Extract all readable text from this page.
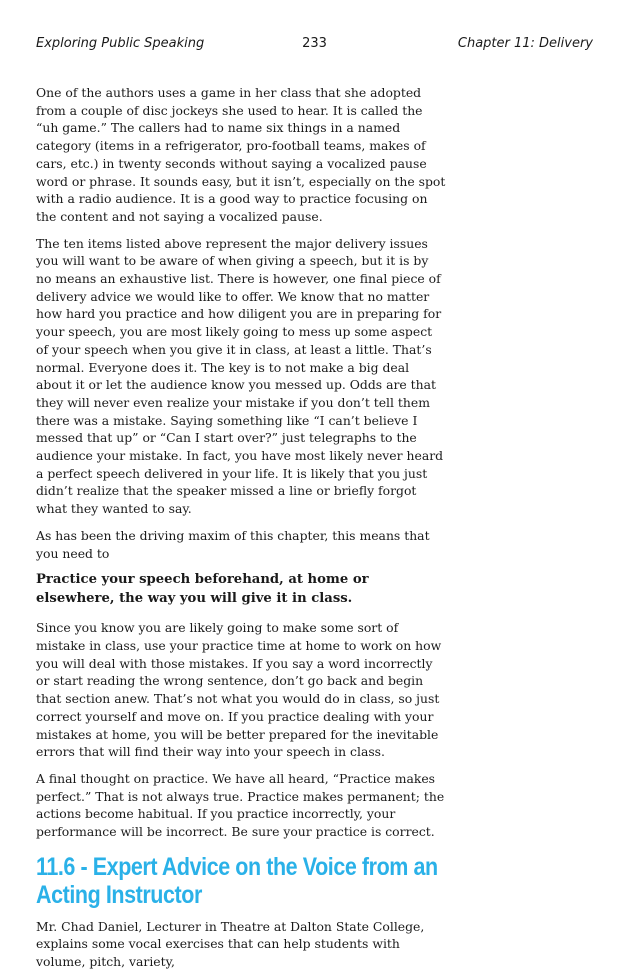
Exploring Public Speaking	233	Chapter 11: Delivery

One of the authors uses a game in her class that she adopted from a couple of disc jockeys she used to hear. It is called the “uh game.” The callers had to name six things in a named category (items in a refrigerator, pro-football teams, makes of cars, etc.) in twenty seconds without saying a vocalized pause word or phrase. It sounds easy, but it isn’t, especially on the spot with a radio audience. It is a good way to practice focusing on the content and not saying a vocalized pause.

The ten items listed above represent the major delivery issues you will want to be aware of when giving a speech, but it is by no means an exhaustive list. There is however, one final piece of delivery advice we would like to offer. We know that no matter how hard you practice and how diligent you are in preparing for your speech, you are most likely going to mess up some aspect of your speech when you give it in class, at least a little. That’s normal. Everyone does it. The key is to not make a big deal about it or let the audience know you messed up. Odds are that they will never even realize your mistake if you don’t tell them there was a mistake. Saying something like “I can’t believe I messed that up” or “Can I start over?” just telegraphs to the audience your mistake. In fact, you have most likely never heard a perfect speech delivered in your life. It is likely that you just didn’t realize that the speaker missed a line or briefly forgot what they wanted to say.

As has been the driving maxim of this chapter, this means that you need to

Practice your speech beforehand, at home or elsewhere, the way you will give it in class.

Since you know you are likely going to make some sort of mistake in class, use your practice time at home to work on how you will deal with those mistakes. If you say a word incorrectly or start reading the wrong sentence, don’t go back and begin that section anew. That’s not what you would do in class, so just correct yourself and move on. If you practice dealing with your mistakes at home, you will be better prepared for the inevitable errors that will find their way into your speech in class.

A final thought on practice. We have all heard, “Practice makes perfect.” That is not always true. Practice makes permanent; the actions become habitual. If you practice incorrectly, your performance will be incorrect. Be sure your practice is correct.

11.6 - Expert Advice on the Voice from an Acting Instructor

Mr. Chad Daniel, Lecturer in Theatre at Dalton State College, explains some vocal exercises that can help students with volume, pitch, variety,
